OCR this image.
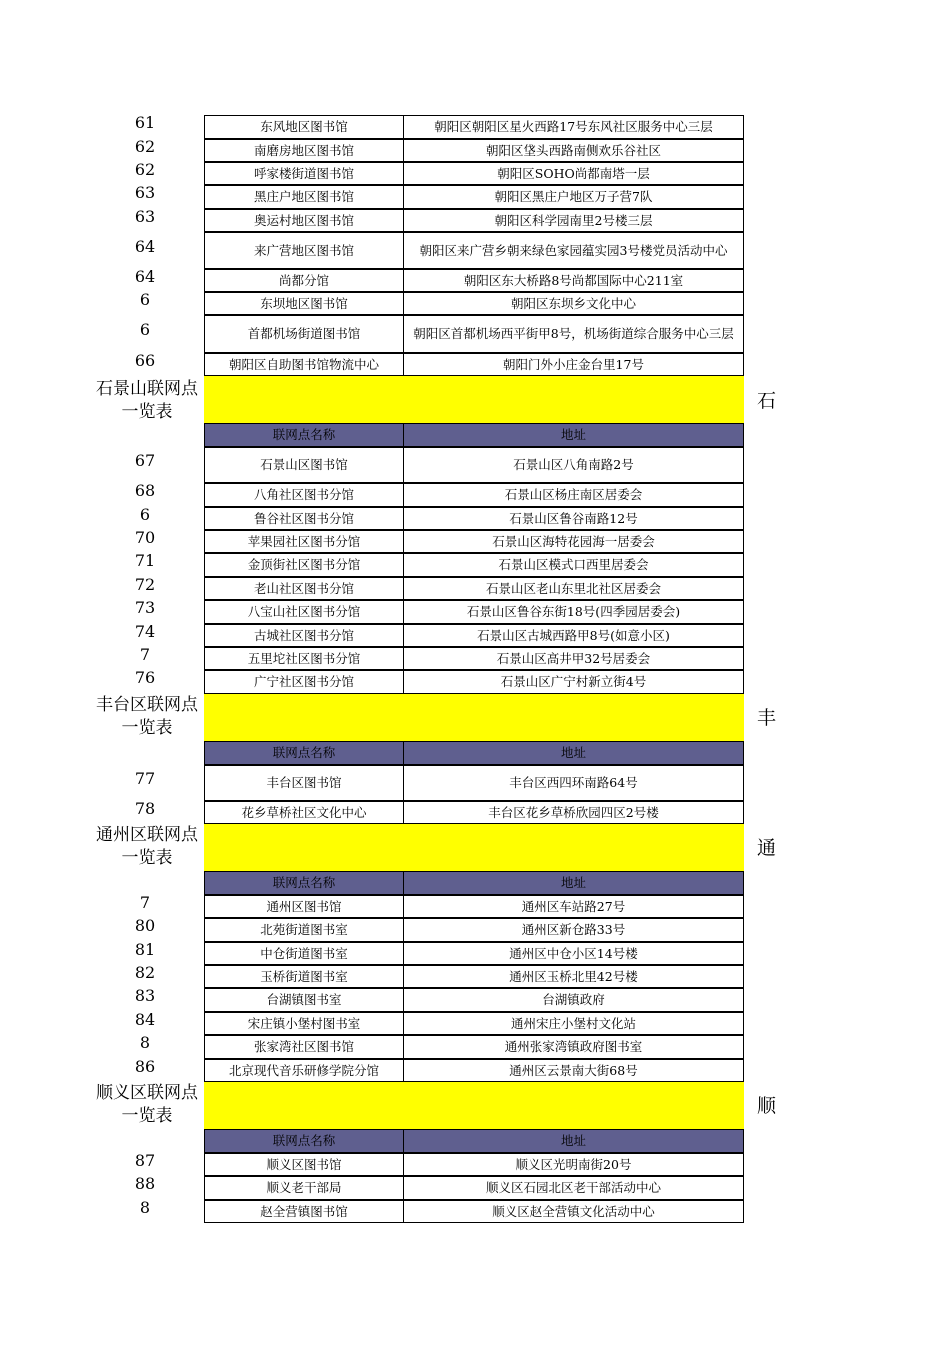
61	东风地区图书馆	朝阳区朝阳区星火西路17号东风社区服务中心三层
62	南磨房地区图书馆	朝阳区垡头西路南侧欢乐谷社区
62	呼家楼街道图书馆	朝阳区SOHO尚都南塔一层
63	黑庄户地区图书馆	朝阳区黑庄户地区万子营7队
63	奥运村地区图书馆	朝阳区科学园南里2号楼三层
64	来广营地区图书馆	朝阳区来广营乡朝来绿色家园蕴实园3号楼党员活动中心
64	尚都分馆	朝阳区东大桥路8号尚都国际中心211室
6	东坝地区图书馆	朝阳区东坝乡文化中心
6	首都机场街道图书馆	朝阳区首都机场西平街甲8号，机场街道综合服务中心三层
66	朝阳区自助图书馆物流中心	朝阳门外小庄金台里17号
石景山联网点一览表	石
联网点名称	地址
67	石景山区图书馆	石景山区八角南路2号
68	八角社区图书分馆	石景山区杨庄南区居委会
6	鲁谷社区图书分馆	石景山区鲁谷南路12号
70	苹果园社区图书分馆	石景山区海特花园海一居委会
71	金顶街社区图书分馆	石景山区模式口西里居委会
72	老山社区图书分馆	石景山区老山东里北社区居委会
73	八宝山社区图书分馆	石景山区鲁谷东街18号(四季园居委会)
74	古城社区图书分馆	石景山区古城西路甲8号(如意小区)
7	五里坨社区图书分馆	石景山区高井甲32号居委会
76	广宁社区图书分馆	石景山区广宁村新立街4号
丰台区联网点一览表	丰
联网点名称	地址
77	丰台区图书馆	丰台区西四环南路64号
78	花乡草桥社区文化中心	丰台区花乡草桥欣园四区2号楼
通州区联网点一览表	通
联网点名称	地址
7	通州区图书馆	通州区车站路27号
80	北苑街道图书室	通州区新仓路33号
81	中仓街道图书室	通州区中仓小区14号楼
82	玉桥街道图书室	通州区玉桥北里42号楼
83	台湖镇图书室	台湖镇政府
84	宋庄镇小堡村图书室	通州宋庄小堡村文化站
8	张家湾社区图书馆	通州张家湾镇政府图书室
86	北京现代音乐研修学院分馆	通州区云景南大街68号
顺义区联网点一览表	顺
联网点名称	地址
87	顺义区图书馆	顺义区光明南街20号
88	顺义老干部局	顺义区石园北区老干部活动中心
8	赵全营镇图书馆	顺义区赵全营镇文化活动中心
